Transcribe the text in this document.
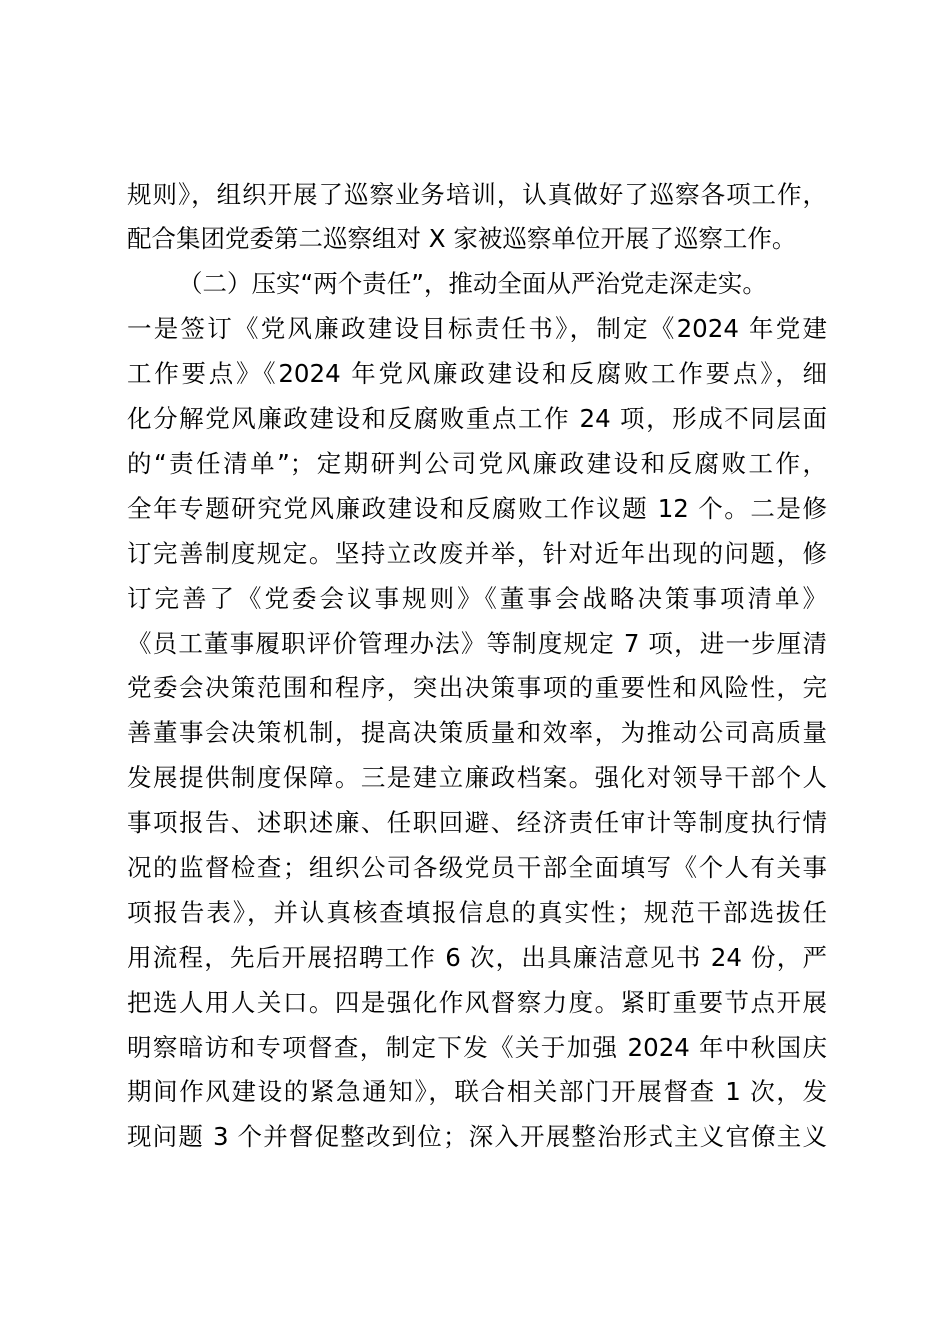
规则》，组织开展了巡察业务培训，认真做好了巡察各项工作，
配合集团党委第二巡察组对 X 家被巡察单位开展了巡察工作。
（二）压实“两个责任”，推动全面从严治党走深走实。
一是签订《党风廉政建设目标责任书》，制定《2024 年党建
工作要点》《2024 年党风廉政建设和反腐败工作要点》，细
化分解党风廉政建设和反腐败重点工作 24 项，形成不同层面
的“责任清单”；定期研判公司党风廉政建设和反腐败工作，
全年专题研究党风廉政建设和反腐败工作议题 12 个。二是修
订完善制度规定。坚持立改废并举，针对近年出现的问题，修
订完善了《党委会议事规则》《董事会战略决策事项清单》
《员工董事履职评价管理办法》等制度规定 7 项，进一步厘清
党委会决策范围和程序，突出决策事项的重要性和风险性，完
善董事会决策机制，提高决策质量和效率，为推动公司高质量
发展提供制度保障。三是建立廉政档案。强化对领导干部个人
事项报告、述职述廉、任职回避、经济责任审计等制度执行情
况的监督检查；组织公司各级党员干部全面填写《个人有关事
项报告表》，并认真核查填报信息的真实性；规范干部选拔任
用流程，先后开展招聘工作 6 次，出具廉洁意见书 24 份，严
把选人用人关口。四是强化作风督察力度。紧盯重要节点开展
明察暗访和专项督查，制定下发《关于加强 2024 年中秋国庆
期间作风建设的紧急通知》，联合相关部门开展督查 1 次，发
现问题 3 个并督促整改到位；深入开展整治形式主义官僚主义
